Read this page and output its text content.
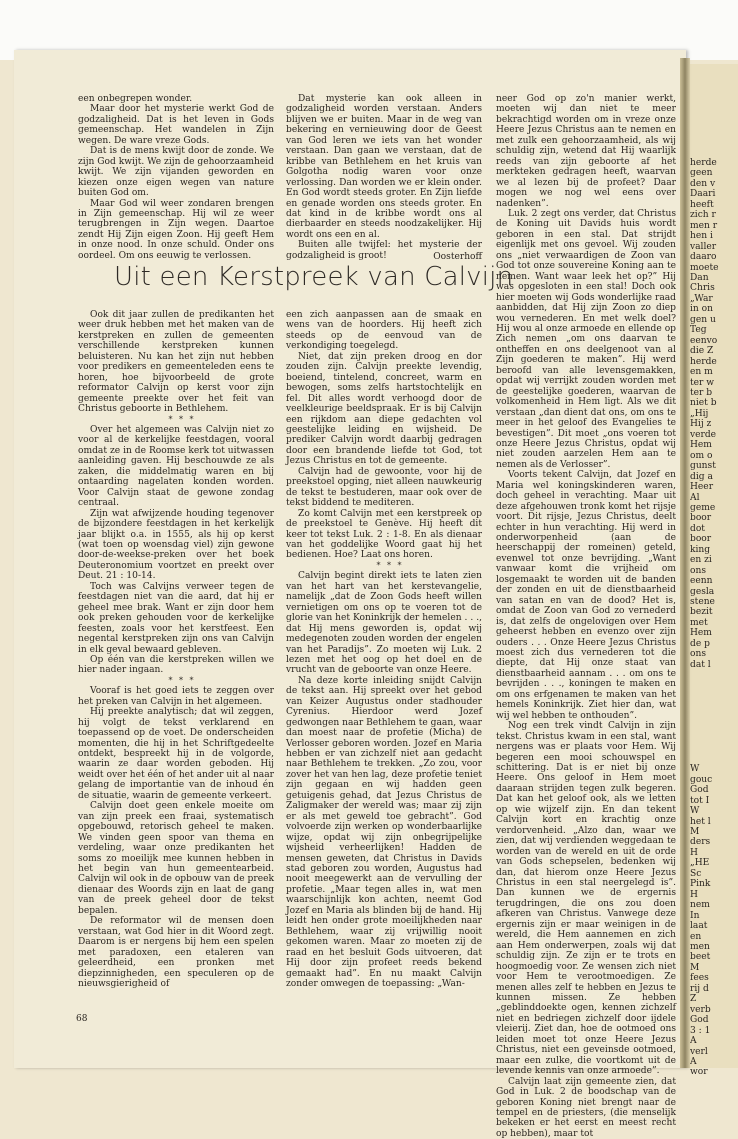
herde
geen
den v
Daari
heeft
zich r
men r
hen i
valler
daaro
moete
Dan
Chris
„War
in on
gen u
Teg
eenvo
die Z
herde
en m
ter w
ter b
niet b
„Hij
Hij z
verde
Hem
om o
gunst
dig a
Heer
Al
geme
boor
dot
boor
king
en zi
ons
eenn
gesla
stene
bezit
met
Hem
de p
ons
dat l

W
gouc
God
tot I
W
het l
M
ders
H
„HE
Sc
Pink
H
nem
In
laat
en
men
beet
M
fees
rij d
Z
verb
God
3 : 1
A
verl
A
wor

een onbegrepen wonder.

Maar door het mysterie werkt God de godzaligheid. Dat is het leven in Gods gemeenschap. Het wandelen in Zijn wegen. De ware vreze Gods.

Dat is de mens kwijt door de zonde. We zijn God kwijt. We zijn de gehoorzaamheid kwijt. We zijn vijanden geworden en kiezen onze eigen wegen van nature buiten God om.

Maar God wil weer zondaren brengen in Zijn gemeenschap. Hij wil ze weer terugbrengen in Zijn wegen. Daartoe zendt Hij Zijn eigen Zoon. Hij geeft Hem in onze nood. In onze schuld. Onder ons oordeel. Om ons eeuwig te verlossen.

Dat mysterie kan ook alleen in godzaligheid worden verstaan. Anders blijven we er buiten. Maar in de weg van bekering en vernieuwing door de Geest van God leren we iets van het wonder verstaan. Dan gaan we verstaan, dat de kribbe van Bethlehem en het kruis van Golgotha nodig waren voor onze verlossing. Dan worden we er klein onder. En God wordt steeds groter. En Zijn liefde en genade worden ons steeds groter. En dat kind in de kribbe wordt ons al dierbaarder en steeds noodzakelijker. Hij wordt ons een en al.

Buiten alle twijfel: het mysterie der godzaligheid is groot!	Oosterhoff
Uit een Kerstpreek van Calvijn

Ook dit jaar zullen de predikanten het weer druk hebben met het maken van de kerstpreken en zullen de gemeenten verschillende kerstpreken kunnen beluisteren. Nu kan het zijn nut hebben voor predikers en gemeenteleden eens te horen, hoe bijvoorbeeld de grote reformator Calvijn op kerst voor zijn gemeente preekte over het feit van Christus geboorte in Bethlehem.

* * *

Over het algemeen was Calvijn niet zo voor al de kerkelijke feestdagen, vooral omdat ze in de Roomse kerk tot uitwassen aanleiding gaven. Hij beschouwde ze als zaken, die middelmatig waren en bij ontaarding nagelaten konden worden. Voor Calvijn staat de gewone zondag centraal.

Zijn wat afwijzende houding tegenover de bijzondere feestdagen in het kerkelijk jaar blijkt o.a. in 1555, als hij op kerst (wat toen op woensdag viel) zijn gewone door-de-weekse-preken over het boek Deuteronomium voortzet en preekt over Deut. 21 : 10-14.

Toch was Calvijns verweer tegen de feestdagen niet van die aard, dat hij er geheel mee brak. Want er zijn door hem ook preken gehouden voor de kerkelijke feesten, zoals voor het kerstfeest. Een negental kerstpreken zijn ons van Calvijn in elk geval bewaard gebleven.

Op één van die kerstpreken willen we hier nader ingaan.

* * *

Vooraf is het goed iets te zeggen over het preken van Calvijn in het algemeen.

Hij preekte analytisch; dat wil zeggen, hij volgt de tekst verklarend en toepassend op de voet. De onderscheiden momenten, die hij in het Schriftgedeelte ontdekt, bespreekt hij in de volgorde, waarin ze daar worden geboden. Hij weidt over het één of het ander uit al naar gelang de importantie van de inhoud én de situatie, waarin de gemeente verkeert.

Calvijn doet geen enkele moeite om van zijn preek een fraai, systematisch opgebouwd, retorisch geheel te maken. We vinden geen spoor van thema en verdeling, waar onze predikanten het soms zo moeilijk mee kunnen hebben in het begin van hun gemeentearbeid. Calvijn wil ook in de opbouw van de preek dienaar des Woords zijn en laat de gang van de preek geheel door de tekst bepalen.

De reformator wil de mensen doen verstaan, wat God hier in dit Woord zegt. Daarom is er nergens bij hem een spelen met paradoxen, een etaleren van geleerdheid, een pronken met diepzinnigheden, een speculeren op de nieuwsgierigheid of

een zich aanpassen aan de smaak en wens van de hoorders. Hij heeft zich steeds op de eenvoud van de verkondiging toegelegd.

Niet, dat zijn preken droog en dor zouden zijn. Calvijn preekte levendig, boeiend, tintelend, concreet, warm en bewogen, soms zelfs hartstochtelijk en fel. Dit alles wordt verhoogd door de veelkleurige beeldspraak. Er is bij Calvijn een rijkdom aan diepe gedachten vol geestelijke leiding en wijsheid. De prediker Calvijn wordt daarbij gedragen door een brandende liefde tot God, tot Jezus Christus en tot de gemeente.

Calvijn had de gewoonte, voor hij de preekstoel opging, niet alleen nauwkeurig de tekst te bestuderen, maar ook over de tekst biddend te mediteren.

Zo komt Calvijn met een kerstpreek op de preekstoel te Genève. Hij heeft dit keer tot tekst Luk. 2 : 1-8. En als dienaar van het goddelijke Woord gaat hij het bedienen. Hoe? Laat ons horen.

* * *

Calvijn begint direkt iets te laten zien van het hart van het kerstevangelie, namelijk „dat de Zoon Gods heeft willen vernietigen om ons op te voeren tot de glorie van het Koninkrijk der hemelen . . ., dat Hij mens geworden is, opdat wij medegenoten zouden worden der engelen van het Paradijs”. Zo moeten wij Luk. 2 lezen met het oog op het doel en de vrucht van de geboorte van onze Heere.

Na deze korte inleiding snijdt Calvijn de tekst aan. Hij spreekt over het gebod van Keizer Augustus onder stadhouder Cyrenius. Hierdoor werd Jozef gedwongen naar Bethlehem te gaan, waar dan moest naar de profetie (Micha) de Verlosser geboren worden. Jozef en Maria hebben er van zichzelf niet aan gedacht naar Bethlehem te trekken. „Zo zou, voor zover het van hen lag, deze profetie teniet zijn gegaan en wij hadden geen getuigenis gehad, dat Jezus Christus de Zaligmaker der wereld was; maar zij zijn er als met geweld toe gebracht”. God volvoerde zijn werken op wonderbaarlijke wijze, opdat wij zijn onbegrijpelijke wijsheid verheerlijken! Hadden de mensen geweten, dat Christus in Davids stad geboren zou worden, Augustus had nooit meegewerkt aan de vervulling der profetie. „Maar tegen alles in, wat men waarschijnlijk kon achten, neemt God Jozef en Maria als blinden bij de hand. Hij leidt hen onder grote moeilijkheden naar Bethlehem, waar zij vrijwillig nooit gekomen waren. Maar zo moeten zij de raad en het besluit Gods uitvoeren, dat Hij door zijn profeet reeds bekend gemaakt had”. En nu maakt Calvijn zonder omwegen de toepassing: „Wan-

neer God op zo'n manier werkt, moeten wij dan niet te meer bekrachtigd worden om in vreze onze Heere Jezus Christus aan te nemen en met zulk een gehoorzaamheid, als wij schuldig zijn, wetend dat Hij waarlijk reeds van zijn geboorte af het merkteken gedragen heeft, waarvan we al lezen bij de profeet? Daar mogen we nog wel eens over nadenken”.

Luk. 2 zegt ons verder, dat Christus de Koning uit Davids huis wordt geboren in een stal. Dat strijdt eigenlijk met ons gevoel. Wij zouden ons „niet verwaardigen de Zoon van God tot onze souvereine Koning aan te nemen. Want waar leek het op?” Hij was opgesloten in een stal! Doch ook hier moeten wij Gods wonderlijke raad aanbidden, dat Hij zijn Zoon zo diep wou vernederen. En met welk doel? Hij wou al onze armoede en ellende op Zich nemen „om ons daarvan te ontheffen en ons deelgenoot van al Zijn goederen te maken”. Hij werd beroofd van alle levensgemakken, opdat wij verrijkt zouden worden met de geestelijke goederen, waarvan de volkomenheid in Hem ligt. Als we dit verstaan „dan dient dat ons, om ons te meer in het geloof des Evangelies te bevestigen”. Dit moet „ons voeren tot onze Heere Jezus Christus, opdat wij niet zouden aarzelen Hem aan te nemen als de Verlosser”.

Voorts tekent Calvijn, dat Jozef en Maria wel koningskinderen waren, doch geheel in verachting. Maar uit deze afgehouwen tronk komt het rijsje voort. Dit rijsje, Jezus Christus, deelt echter in hun verachting. Hij werd in onderworpenheid (aan de heerschappij der romeinen) geteld, evenwel tot onze bevrijding. „Want vanwaar komt die vrijheid om losgemaakt te worden uit de banden der zonden en uit de dienstbaarheid van satan en van de dood? Het is, omdat de Zoon van God zo vernederd is, dat zelfs de ongelovigen over Hem geheerst hebben en evenzo over zijn ouders . . . Onze Heere Jezus Christus moest zich dus vernederen tot die diepte, dat Hij onze staat van dienstbaarheid aannam . . . om ons te bevrijden . . ., koningen te maken en om ons erfgenamen te maken van het hemels Koninkrijk. Ziet hier dan, wat wij wel hebben te onthouden”.

Nog een trek vindt Calvijn in zijn tekst. Christus kwam in een stal, want nergens was er plaats voor Hem. Wij begeren een mooi schouwspel en schittering. Dat is er niet bij onze Heere. Ons geloof in Hem moet daaraan strijden tegen zulk begeren. Dat kan het geloof ook, als we letten op wie wijzelf zijn. En dan tekent Calvijn kort en krachtig onze verdorvenheid. „Alzo dan, waar we zien, dat wij verdienden weggedaan te worden van de wereld en uit de orde van Gods schepselen, bedenken wij dan, dat hierom onze Heere Jezus Christus in een stal neergelegd is”. Dan kunnen we de ergernis terugdringen, die ons zou doen afkeren van Christus. Vanwege deze ergernis zijn er maar weinigen in de wereld, die Hem aannemen en zich aan Hem onderwerpen, zoals wij dat schuldig zijn. Ze zijn er te trots en hoogmoedig voor. Ze wensen zich niet voor Hem te verootmoedigen. Ze menen alles zelf te hebben en Jezus te kunnen missen. Ze hebben „geblinddoekte ogen, kennen zichzelf niet en bedriegen zichzelf door ijdele vleierij. Ziet dan, hoe de ootmoed ons leiden moet tot onze Heere Jezus Christus, niet een geveinsde ootmoed, maar een zulke, die voortkomt uit de levende kennis van onze armoede”.

Calvijn laat zijn gemeente zien, dat God in Luk. 2 de boodschap van de geboren Koning niet brengt naar de tempel en de priesters, (die menselijk bekeken er het eerst en meest recht op hebben), maar tot

68
